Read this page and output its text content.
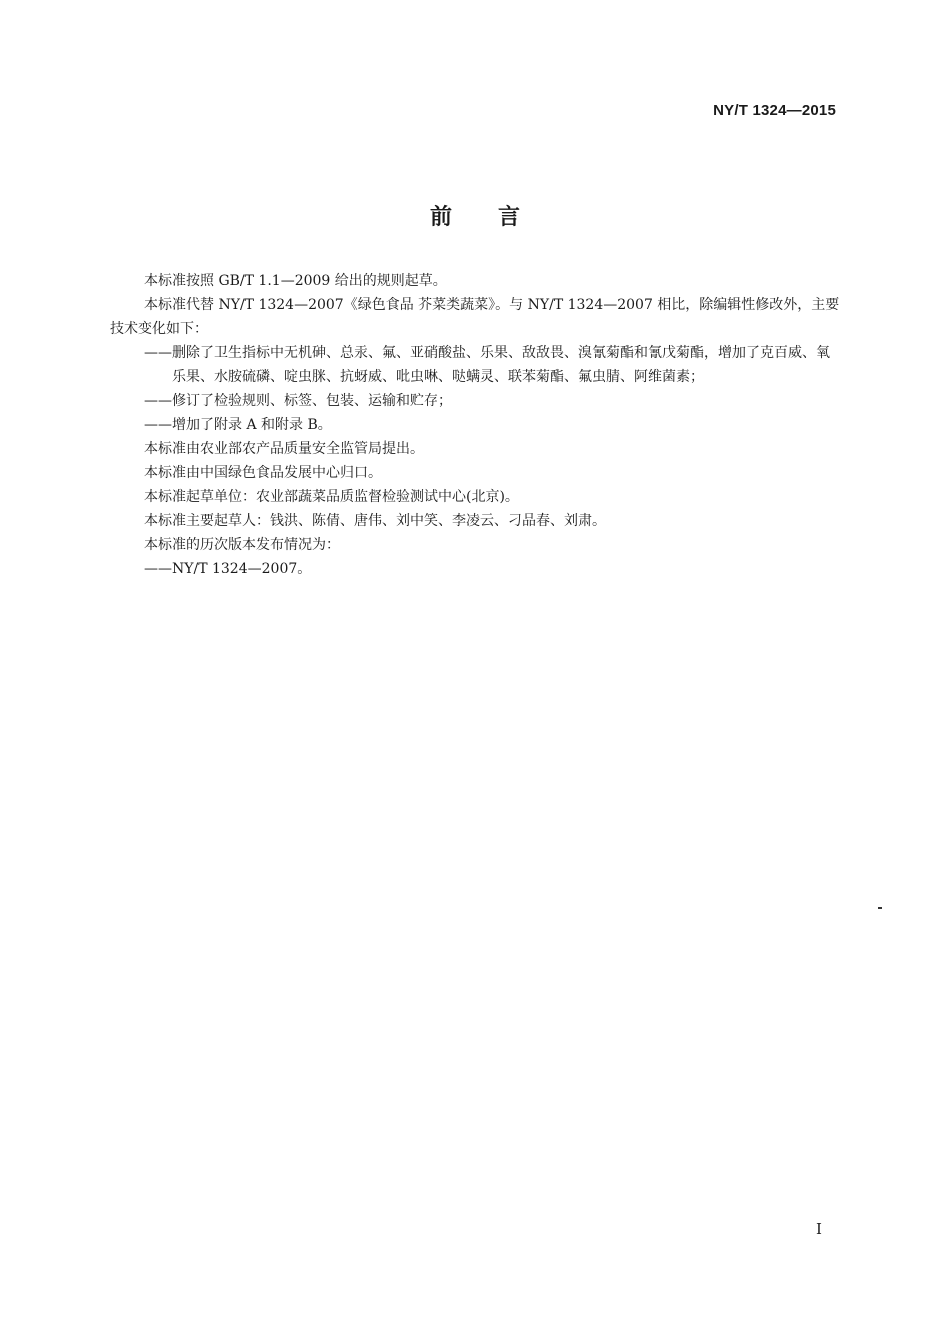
NY/T 1324—2015
前言

本标准按照 GB/T 1.1—2009 给出的规则起草。

本标准代替 NY/T 1324—2007《绿色食品 芥菜类蔬菜》。与 NY/T 1324—2007 相比，除编辑性修改外，主要技术变化如下：

——删除了卫生指标中无机砷、总汞、氟、亚硝酸盐、乐果、敌敌畏、溴氰菊酯和氰戊菊酯，增加了克百威、氧乐果、水胺硫磷、啶虫脒、抗蚜威、吡虫啉、哒螨灵、联苯菊酯、氟虫腈、阿维菌素；

——修订了检验规则、标签、包装、运输和贮存；

——增加了附录 A 和附录 B。

本标准由农业部农产品质量安全监管局提出。

本标准由中国绿色食品发展中心归口。

本标准起草单位：农业部蔬菜品质监督检验测试中心(北京)。

本标准主要起草人：钱洪、陈倩、唐伟、刘中笑、李凌云、刁品春、刘肃。

本标准的历次版本发布情况为：

——NY/T 1324—2007。

I
